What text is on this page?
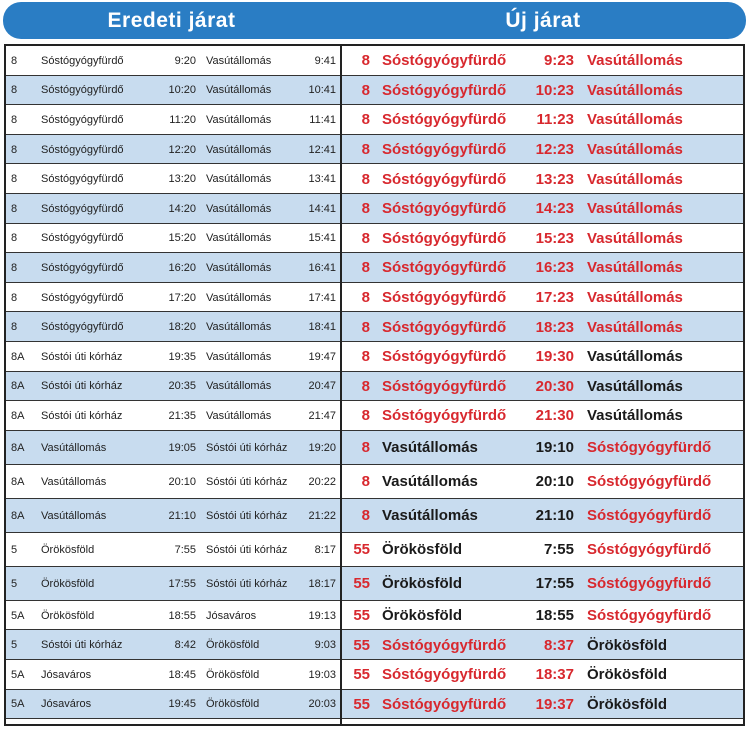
Eredeti járat	Új járat
5A Jósaváros	19:45 Örökösföld	20:03	55 Sóstógyógyfürdő	19:37 Örökösföld
5A Jósaváros	18:45 Örökösföld	19:03	55 Sóstógyógyfürdő	18:37 Örökösföld
5 Sóstói úti kórház	8:42 Örökösföld	9:03	55 Sóstógyógyfürdő	8:37 Örökösföld
5A Örökösföld	18:55 Jósaváros	19:13	55 Örökösföld	18:55 Sóstógyógyfürdő
5 Örökösföld	17:55 Sóstói úti kórház	18:17	55 Örökösföld	17:55 Sóstógyógyfürdő
5 Örökösföld	7:55 Sóstói úti kórház	8:17	55 Örökösföld	7:55 Sóstógyógyfürdő
8A Vasútállomás	21:10 Sóstói úti kórház	21:22	8 Vasútállomás	21:10 Sóstógyógyfürdő
8A Vasútállomás	20:10 Sóstói úti kórház	20:22	8 Vasútállomás	20:10 Sóstógyógyfürdő
8A Vasútállomás	19:05 Sóstói úti kórház	19:20	8 Vasútállomás	19:10 Sóstógyógyfürdő
8A Sóstói úti kórház	21:35 Vasútállomás	21:47	8 Sóstógyógyfürdő	21:30 Vasútállomás
8A Sóstói úti kórház	20:35 Vasútállomás	20:47	8 Sóstógyógyfürdő	20:30 Vasútállomás
8A Sóstói úti kórház	19:35 Vasútállomás	19:47	8 Sóstógyógyfürdő	19:30 Vasútállomás
8 Sóstógyógyfürdő	18:20 Vasútállomás	18:41	8 Sóstógyógyfürdő	18:23 Vasútállomás
8 Sóstógyógyfürdő	17:20 Vasútállomás	17:41	8 Sóstógyógyfürdő	17:23 Vasútállomás
8 Sóstógyógyfürdő	16:20 Vasútállomás	16:41	8 Sóstógyógyfürdő	16:23 Vasútállomás
8 Sóstógyógyfürdő	15:20 Vasútállomás	15:41	8 Sóstógyógyfürdő	15:23 Vasútállomás
8 Sóstógyógyfürdő	14:20 Vasútállomás	14:41	8 Sóstógyógyfürdő	14:23 Vasútállomás
8 Sóstógyógyfürdő	13:20 Vasútállomás	13:41	8 Sóstógyógyfürdő	13:23 Vasútállomás
8 Sóstógyógyfürdő	12:20 Vasútállomás	12:41	8 Sóstógyógyfürdő	12:23 Vasútállomás
8 Sóstógyógyfürdő	11:20 Vasútállomás	11:41	8 Sóstógyógyfürdő	11:23 Vasútállomás
8 Sóstógyógyfürdő	10:20 Vasútállomás	10:41	8 Sóstógyógyfürdő	10:23 Vasútállomás
8 Sóstógyógyfürdő	9:20 Vasútállomás	9:41	8 Sóstógyógyfürdő	9:23 Vasútállomás
